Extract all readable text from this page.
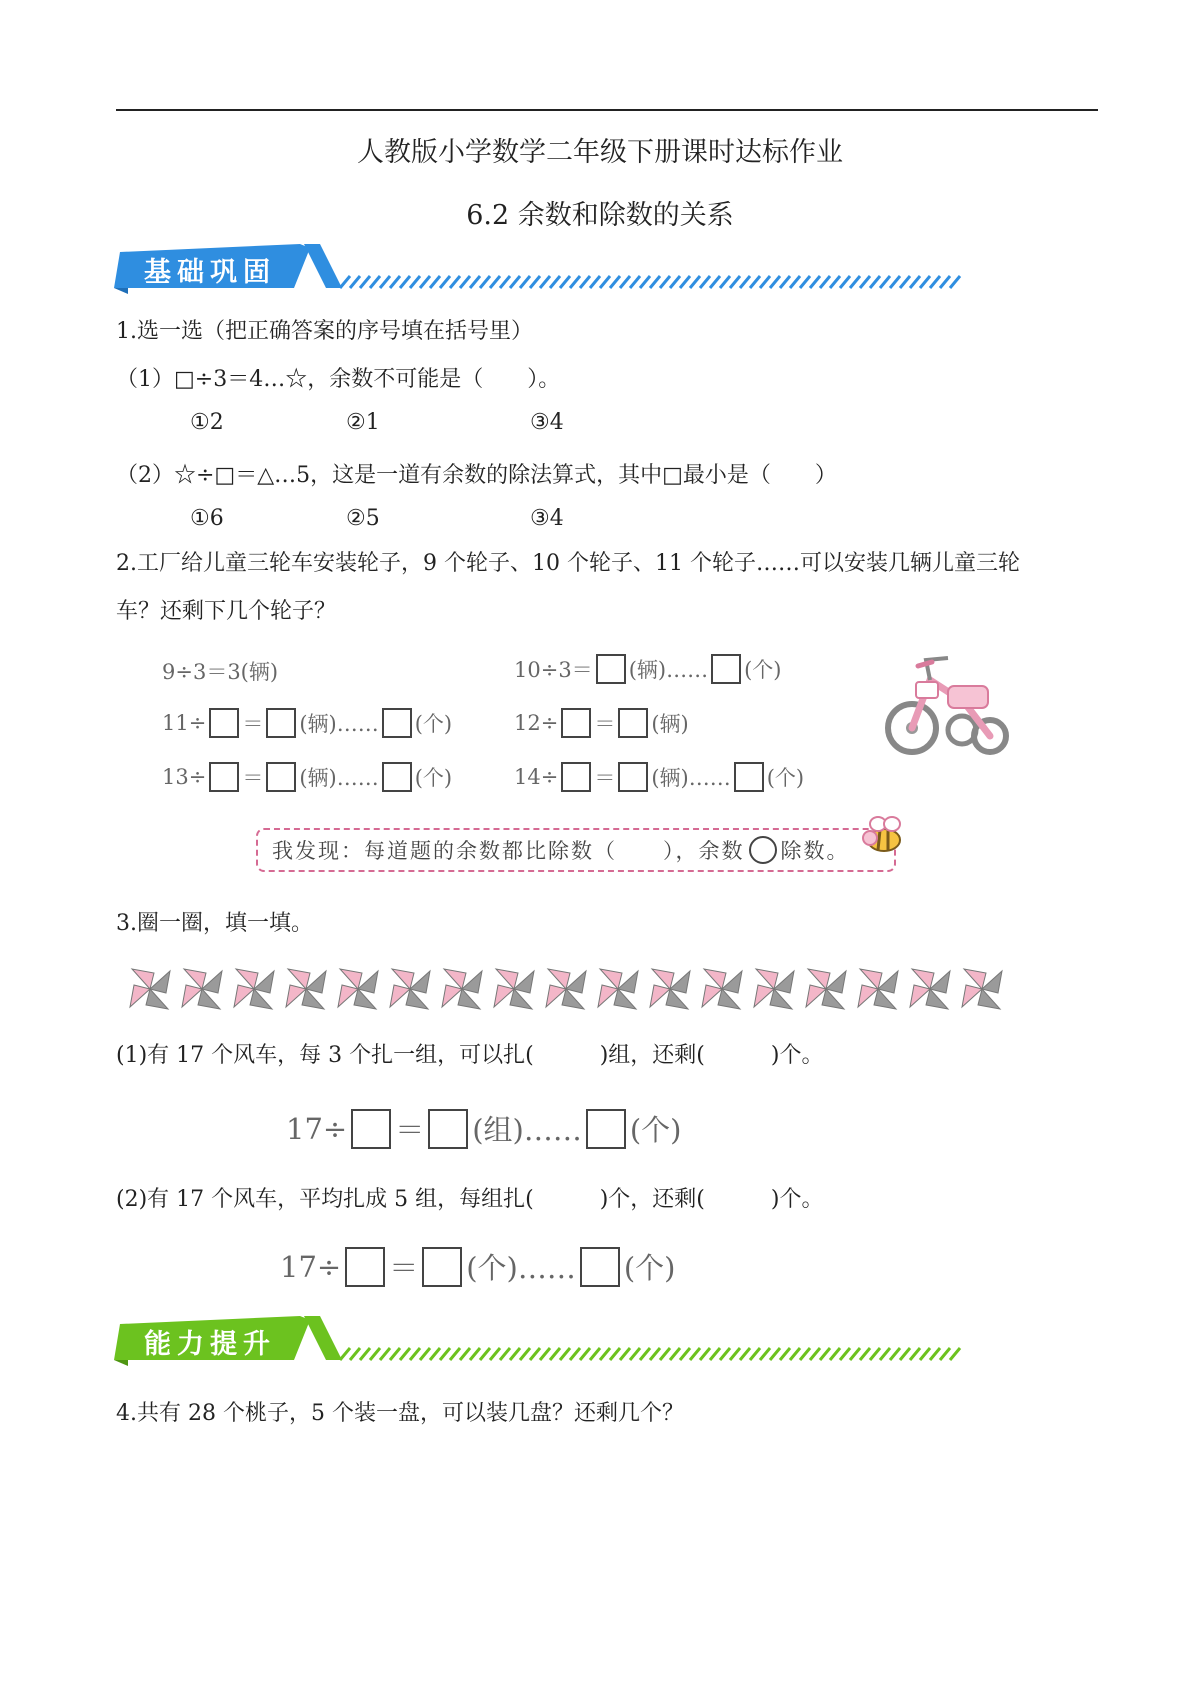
人教版小学数学二年级下册课时达标作业
6.2 余数和除数的关系
基础巩固
1.选一选（把正确答案的序号填在括号里）
（1）□÷3＝4…☆，余数不可能是（　　）。
①2	②1	③4
（2）☆÷□＝△…5，这是一道有余数的除法算式，其中□最小是（　　）
①6	②5	③4
2.工厂给儿童三轮车安装轮子，9 个轮子、10 个轮子、11 个轮子……可以安装几辆儿童三轮
车？还剩下几个轮子？
9÷3＝3(辆)	10÷3＝ (辆)…… (个)
11÷ ＝ (辆)…… (个)	12÷ ＝ (辆)
13÷ ＝ (辆)…… (个)	14÷ ＝ (辆)…… (个)
我发现：每道题的余数都比除数（　　），余数 除数。
3.圈一圈，填一填。
(1)有 17 个风车，每 3 个扎一组，可以扎(　　　)组，还剩(　　　)个。
17÷ ＝ (组)…… (个)
(2)有 17 个风车，平均扎成 5 组，每组扎(　　　)个，还剩(　　　)个。
17÷ ＝ (个)…… (个)
能力提升
4.共有 28 个桃子，5 个装一盘，可以装几盘？还剩几个？
